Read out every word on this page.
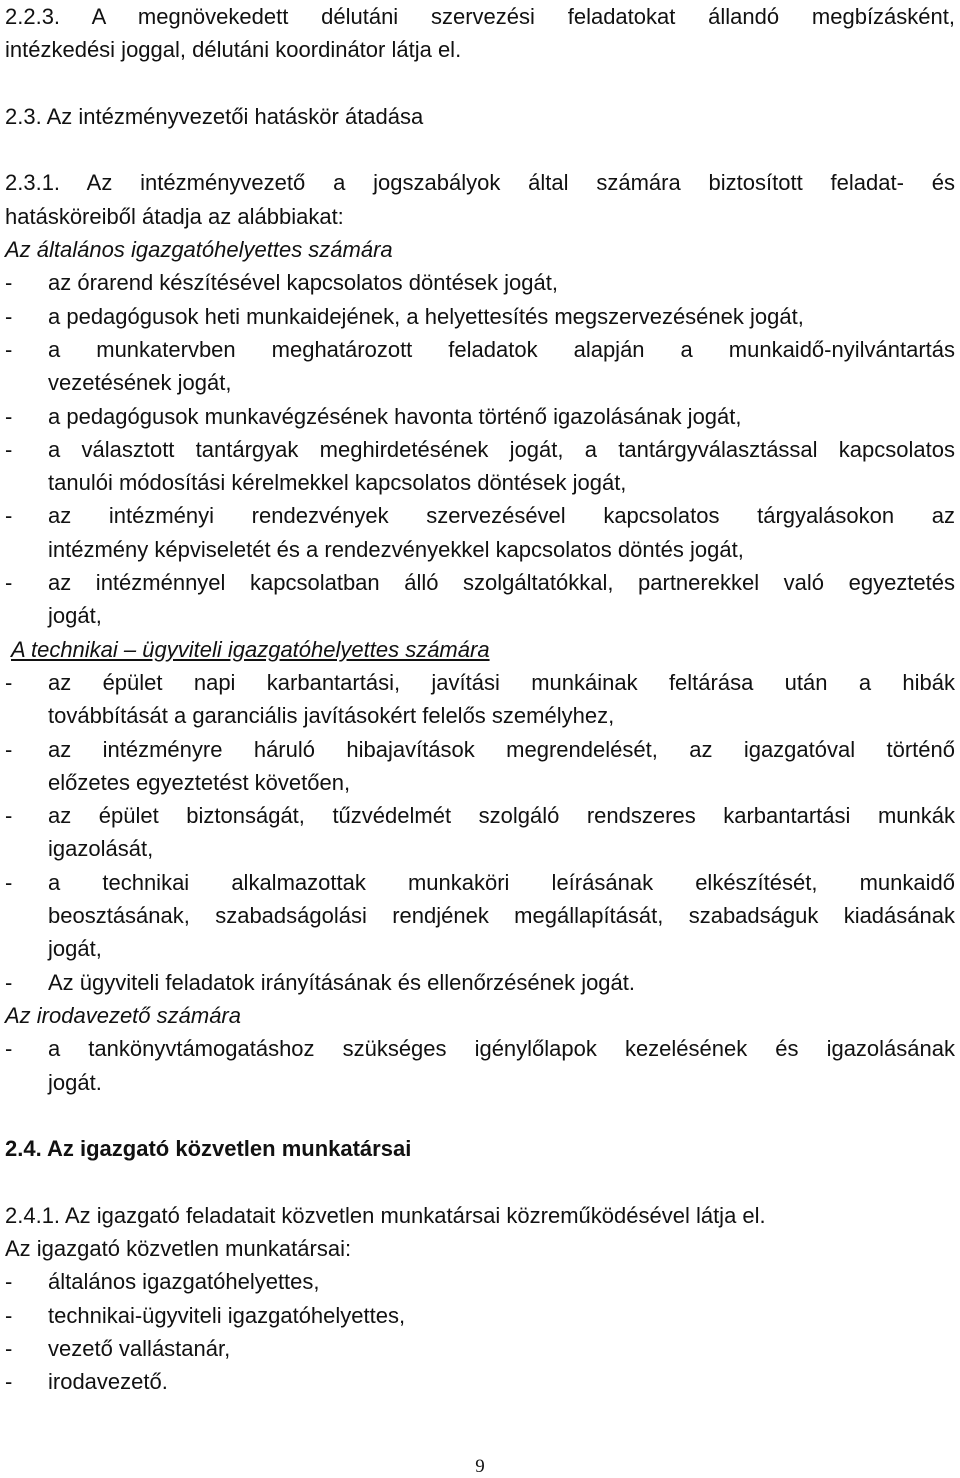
2.2.3. A megnövekedett délutáni szervezési feladatokat állandó megbízásként,
intézkedési joggal, délutáni koordinátor látja el.
2.3. Az intézményvezetői hatáskör átadása
2.3.1. Az intézményvezető a jogszabályok által számára biztosított feladat- és
hatásköreiből átadja az alábbiakat:
Az általános igazgatóhelyettes számára
- az órarend készítésével kapcsolatos döntések jogát,
- a pedagógusok heti munkaidejének, a helyettesítés megszervezésének jogát,
- a munkatervben meghatározott feladatok alapján a munkaidő-nyilvántartás
vezetésének jogát,
- a pedagógusok munkavégzésének havonta történő igazolásának jogát,
- a választott tantárgyak meghirdetésének jogát, a tantárgyválasztással kapcsolatos
tanulói módosítási kérelmekkel kapcsolatos döntések jogát,
- az intézményi rendezvények szervezésével kapcsolatos tárgyalásokon az
intézmény képviseletét és a rendezvényekkel kapcsolatos döntés jogát,
- az intézménnyel kapcsolatban álló szolgáltatókkal, partnerekkel való egyeztetés
jogát,
A technikai – ügyviteli igazgatóhelyettes számára
- az épület napi karbantartási, javítási munkáinak feltárása után a hibák
továbbítását a garanciális javításokért felelős személyhez,
- az intézményre háruló hibajavítások megrendelését, az igazgatóval történő
előzetes egyeztetést követően,
- az épület biztonságát, tűzvédelmét szolgáló rendszeres karbantartási munkák
igazolását,
- a technikai alkalmazottak munkaköri leírásának elkészítését, munkaidő
beosztásának, szabadságolási rendjének megállapítását, szabadságuk kiadásának
jogát,
- Az ügyviteli feladatok irányításának és ellenőrzésének jogát.
Az irodavezető számára
- a tankönyvtámogatáshoz szükséges igénylőlapok kezelésének és igazolásának
jogát.
2.4. Az igazgató közvetlen munkatársai
2.4.1. Az igazgató feladatait közvetlen munkatársai közreműködésével látja el.
Az igazgató közvetlen munkatársai:
- általános igazgatóhelyettes,
- technikai-ügyviteli igazgatóhelyettes,
- vezető vallástanár,
- irodavezető.
9
